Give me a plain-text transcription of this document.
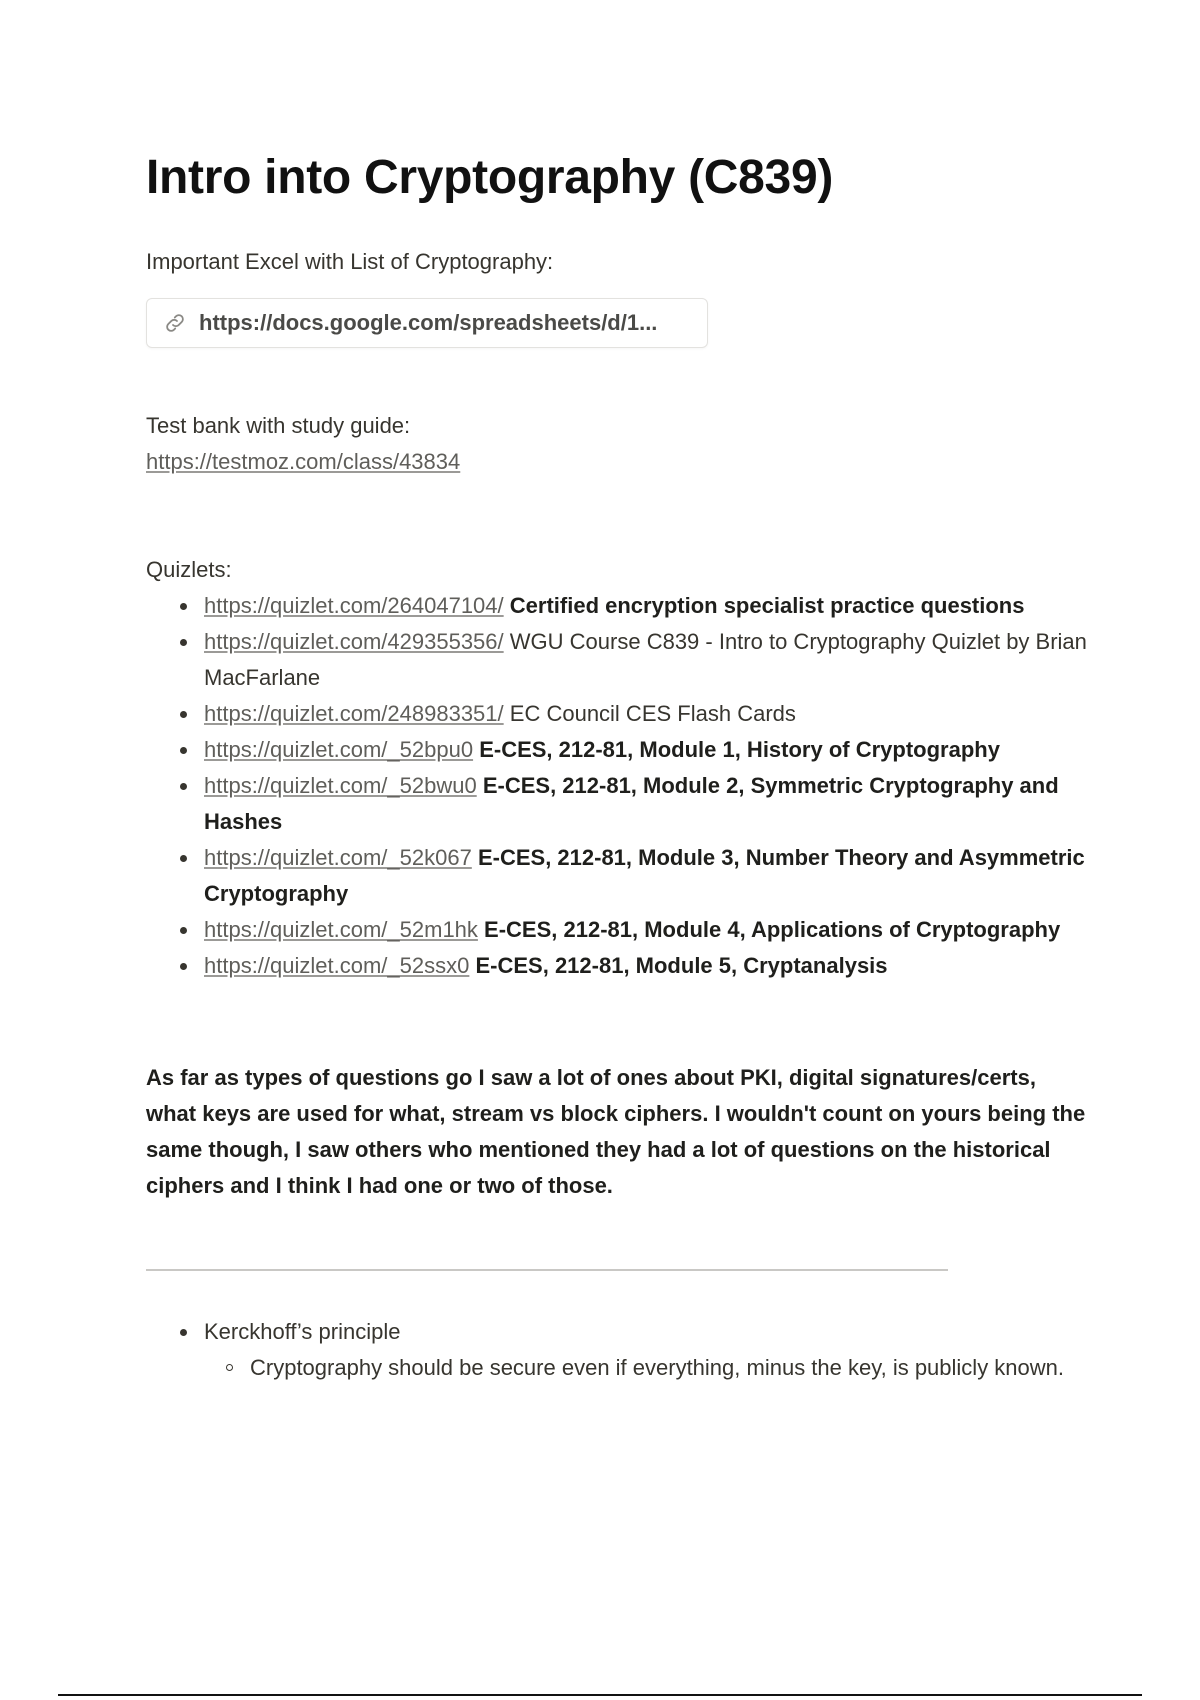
Intro into Cryptography (C839)
Important Excel with List of Cryptography:
https://docs.google.com/spreadsheets/d/1...
Test bank with study guide:
https://testmoz.com/class/43834
Quizlets:
https://quizlet.com/264047104/ Certified encryption specialist practice questions
https://quizlet.com/429355356/ WGU Course C839 - Intro to Cryptography Quizlet by Brian MacFarlane
https://quizlet.com/248983351/ EC Council CES Flash Cards
https://quizlet.com/_52bpu0 E-CES, 212-81, Module 1, History of Cryptography
https://quizlet.com/_52bwu0 E-CES, 212-81, Module 2, Symmetric Cryptography and Hashes
https://quizlet.com/_52k067 E-CES, 212-81, Module 3, Number Theory and Asymmetric Cryptography
https://quizlet.com/_52m1hk E-CES, 212-81, Module 4, Applications of Cryptography
https://quizlet.com/_52ssx0 E-CES, 212-81, Module 5, Cryptanalysis
As far as types of questions go I saw a lot of ones about PKI, digital signatures/certs, what keys are used for what, stream vs block ciphers. I wouldn't count on yours being the same though, I saw others who mentioned they had a lot of questions on the historical ciphers and I think I had one or two of those.
Kerckhoff’s principle
Cryptography should be secure even if everything, minus the key, is publicly known.
